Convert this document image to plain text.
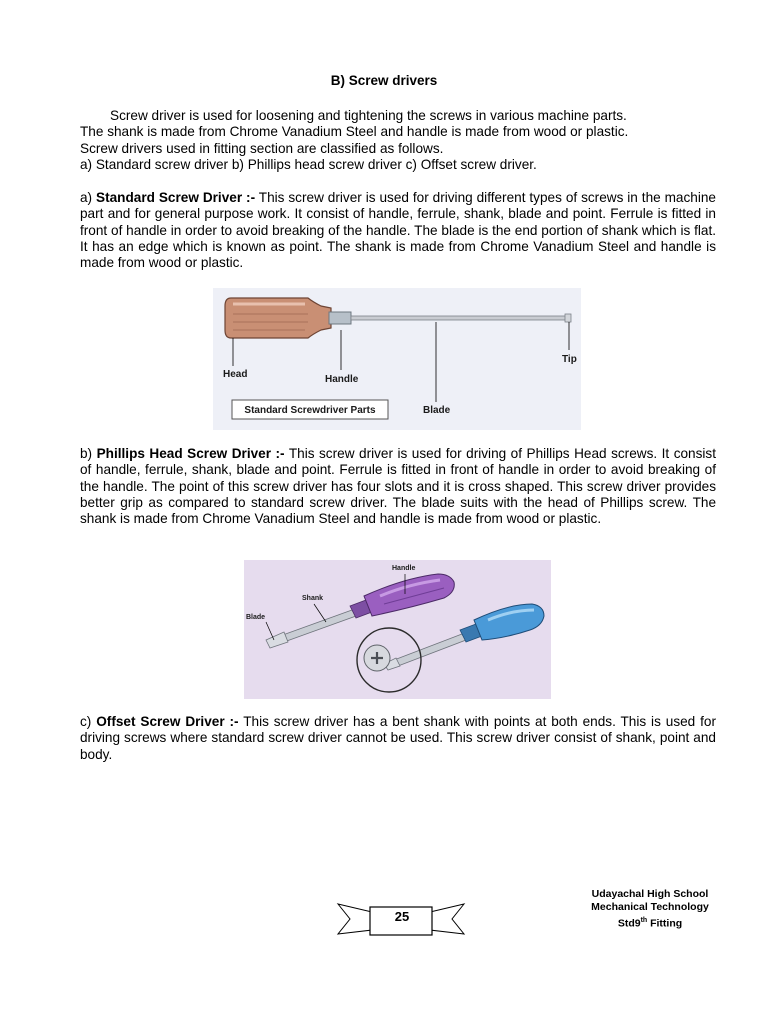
B) Screw drivers

Screw driver is used for loosening and tightening the screws in various machine parts.

The shank is made from Chrome Vanadium Steel and handle is made from wood or plastic.

Screw drivers used in fitting section are classified as follows.

a) Standard screw driver b) Phillips head screw driver c) Offset screw driver.

a) Standard Screw Driver :- This screw driver is used for driving different types of screws in the machine part and for general purpose work. It consist of handle, ferrule, shank, blade and point. Ferrule is fitted in front of handle in order to avoid breaking of the handle. The blade is the end portion of shank which is flat. It has an edge which is known as point. The shank is made from Chrome Vanadium Steel and handle is made from wood or plastic.

Head	Handle
Tip
Blade
Standard Screwdriver Parts

b) Phillips Head Screw Driver :- This screw driver is used for driving of Phillips Head screws. It consist of handle, ferrule, shank, blade and point. Ferrule is fitted in front of handle in order to avoid breaking of the handle. The point of this screw driver has four slots and it is cross shaped. This screw driver provides better grip as compared to standard screw driver. The blade suits with the head of Phillips screw. The shank is made from Chrome Vanadium Steel and handle is made from wood or plastic.

Handle
Shank
Blade

c) Offset Screw Driver :- This screw driver has a bent shank with points at both ends. This is used for driving screws where standard screw driver cannot be used. This screw driver consist of shank, point and body.

Udayachal High School
Mechanical Technology
Std9th Fitting
25
